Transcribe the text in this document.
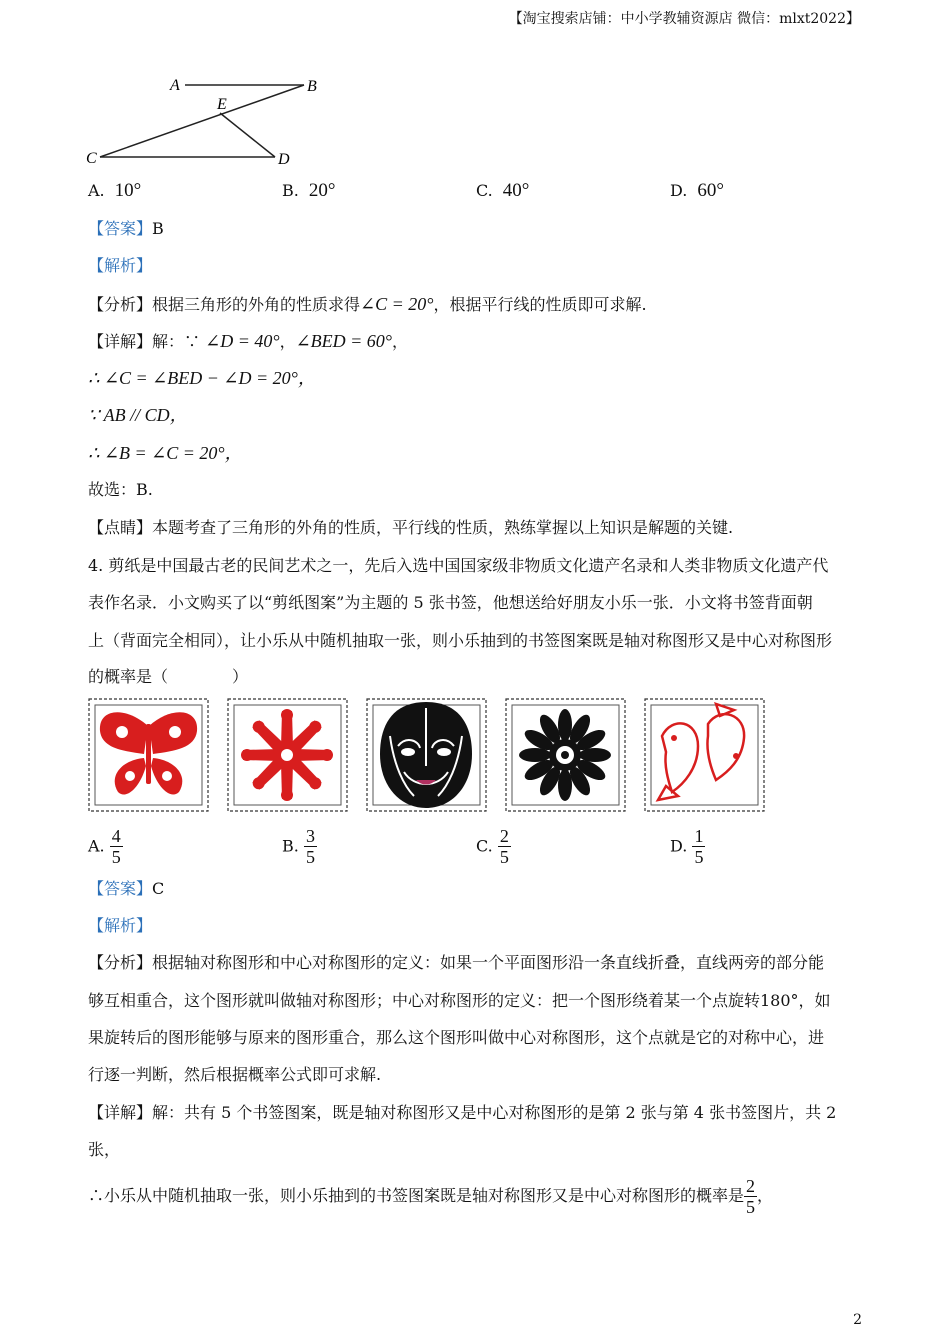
【淘宝搜索店铺：中小学教辅资源店 微信：mlxt2022】
A	B
E
C	D
A. 10°	B. 20°	C. 40°	D. 60°
【答案】B
【解析】
【分析】根据三角形的外角的性质求得∠C = 20°，根据平行线的性质即可求解.
【详解】解：∵ ∠D = 40°，∠BED = 60°，
∴ ∠C = ∠BED − ∠D = 20°，
∵ AB // CD，
∴ ∠B = ∠C = 20°，
故选：B.
【点睛】本题考查了三角形的外角的性质，平行线的性质，熟练掌握以上知识是解题的关键.
4. 剪纸是中国最古老的民间艺术之一，先后入选中国国家级非物质文化遗产名录和人类非物质文化遗产代
表作名录．小文购买了以“剪纸图案”为主题的 5 张书签，他想送给好朋友小乐一张．小文将书签背面朝
上（背面完全相同），让小乐从中随机抽取一张，则小乐抽到的书签图案既是轴对称图形又是中心对称图形
的概率是（　　　　）
A. $\frac{4}{5}$	B. $\frac{3}{5}$	C. $\frac{2}{5}$	D. $\frac{1}{5}$
【答案】C
【解析】
【分析】根据轴对称图形和中心对称图形的定义：如果一个平面图形沿一条直线折叠，直线两旁的部分能
够互相重合，这个图形就叫做轴对称图形；中心对称图形的定义：把一个图形绕着某一个点旋转180°，如
果旋转后的图形能够与原来的图形重合，那么这个图形叫做中心对称图形，这个点就是它的对称中心，进
行逐一判断，然后根据概率公式即可求解.
【详解】解：共有 5 个书签图案，既是轴对称图形又是中心对称图形的是第 2 张与第 4 张书签图片，共 2
张，
∴小乐从中随机抽取一张，则小乐抽到的书签图案既是轴对称图形又是中心对称图形的概率是 $\frac{2}{5}$ ，
2
